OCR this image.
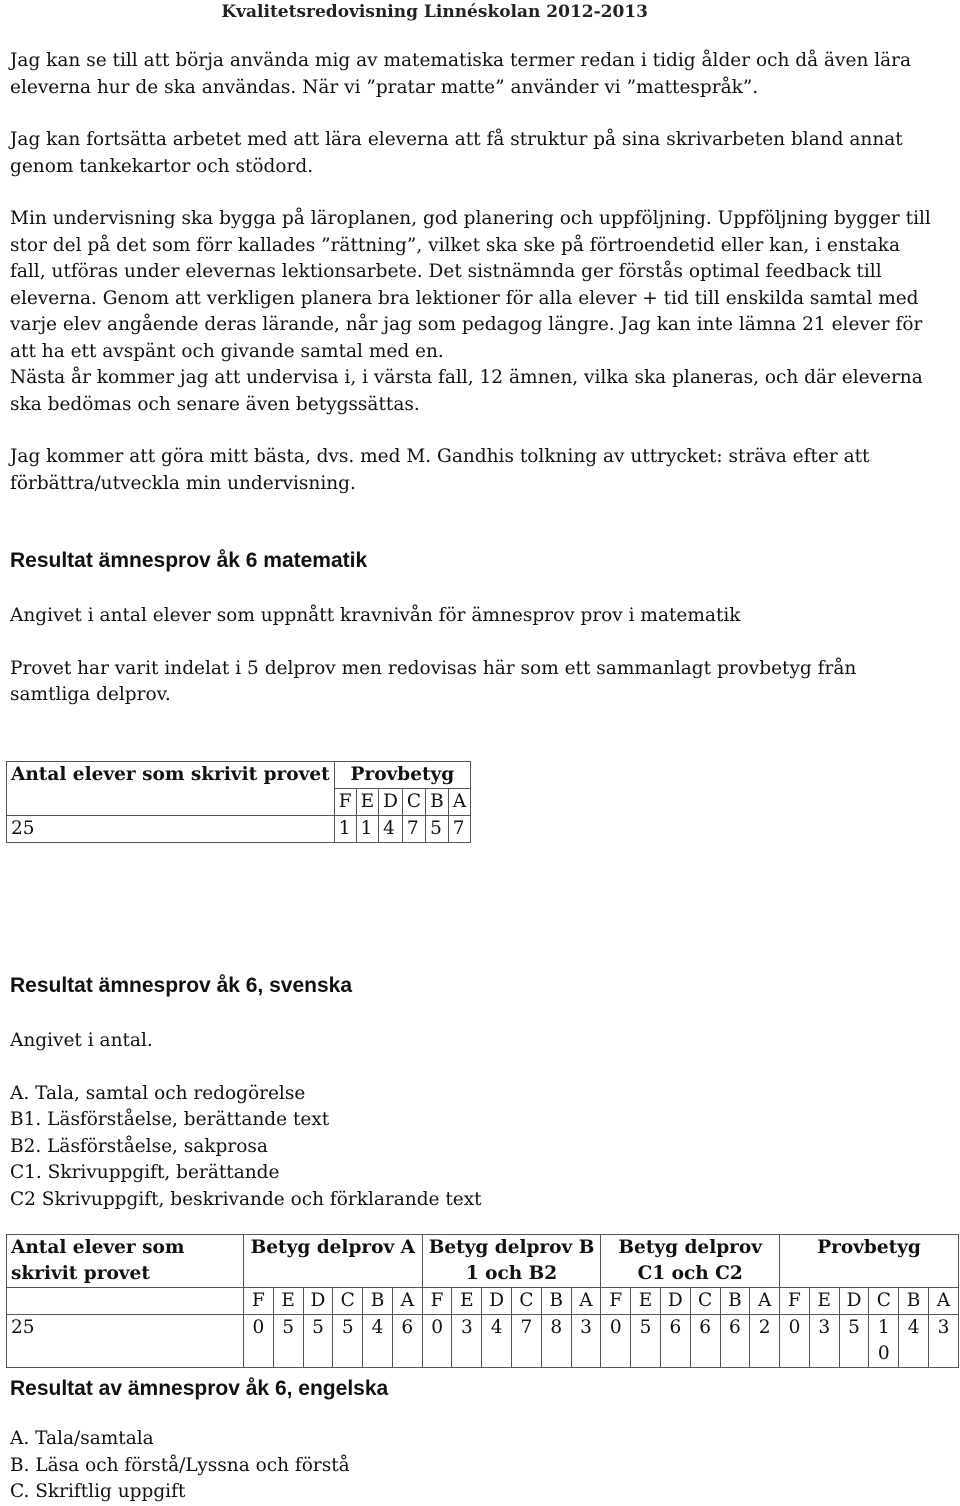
Kvalitetsredovisning Linnéskolan 2012-2013

Jag kan se till att börja använda mig av matematiska termer redan i tidig ålder och då även lära eleverna hur de ska användas. När vi ”pratar matte” använder vi ”mattespråk”.

Jag kan fortsätta arbetet med att lära eleverna att få struktur på sina skrivarbeten bland annat genom tankekartor och stödord.

Min undervisning ska bygga på läroplanen, god planering och uppföljning. Uppföljning bygger till stor del på det som förr kallades ”rättning”, vilket ska ske på förtroendetid eller kan, i enstaka fall, utföras under elevernas lektionsarbete. Det sistnämnda ger förstås optimal feedback till eleverna. Genom att verkligen planera bra lektioner för alla elever + tid till enskilda samtal med varje elev angående deras lärande, når jag som pedagog längre. Jag kan inte lämna 21 elever för att ha ett avspänt och givande samtal med en.

Nästa år kommer jag att undervisa i, i värsta fall, 12 ämnen, vilka ska planeras, och där eleverna ska bedömas och senare även betygssättas.

Jag kommer att göra mitt bästa, dvs. med M. Gandhis tolkning av uttrycket: sträva efter att förbättra/utveckla min undervisning.

Resultat ämnesprov åk 6 matematik

Angivet i antal elever som uppnått kravnivån för ämnesprov prov i matematik

Provet har varit indelat i 5 delprov men redovisas här som ett sammanlagt provbetyg från samtliga delprov.

Antal elever som skrivit provet	Provbetyg					
	F	E	D	C	B	A
25	1	1	4	7	5	7
Resultat ämnesprov åk 6, svenska

Angivet i antal.

A. Tala, samtal och redogörelse

B1. Läsförståelse, berättande text

B2. Läsförståelse, sakprosa

C1. Skrivuppgift, berättande

C2 Skrivuppgift, beskrivande och förklarande text

Antal elever som skrivit provet	Betyg delprov A						Betyg delprov B 1 och B2						Betyg delprov C1 och C2						Provbetyg					
	F	E	D	C	B	A	F	E	D	C	B	A	F	E	D	C	B	A	F	E	D	C	B	A
25	0	5	5	5	4	6	0	3	4	7	8	3	0	5	6	6	6	2	0	3	5	1 0	4	3
Resultat av ämnesprov åk 6, engelska

A. Tala/samtala

B. Läsa och förstå/Lyssna och förstå

C. Skriftlig uppgift
